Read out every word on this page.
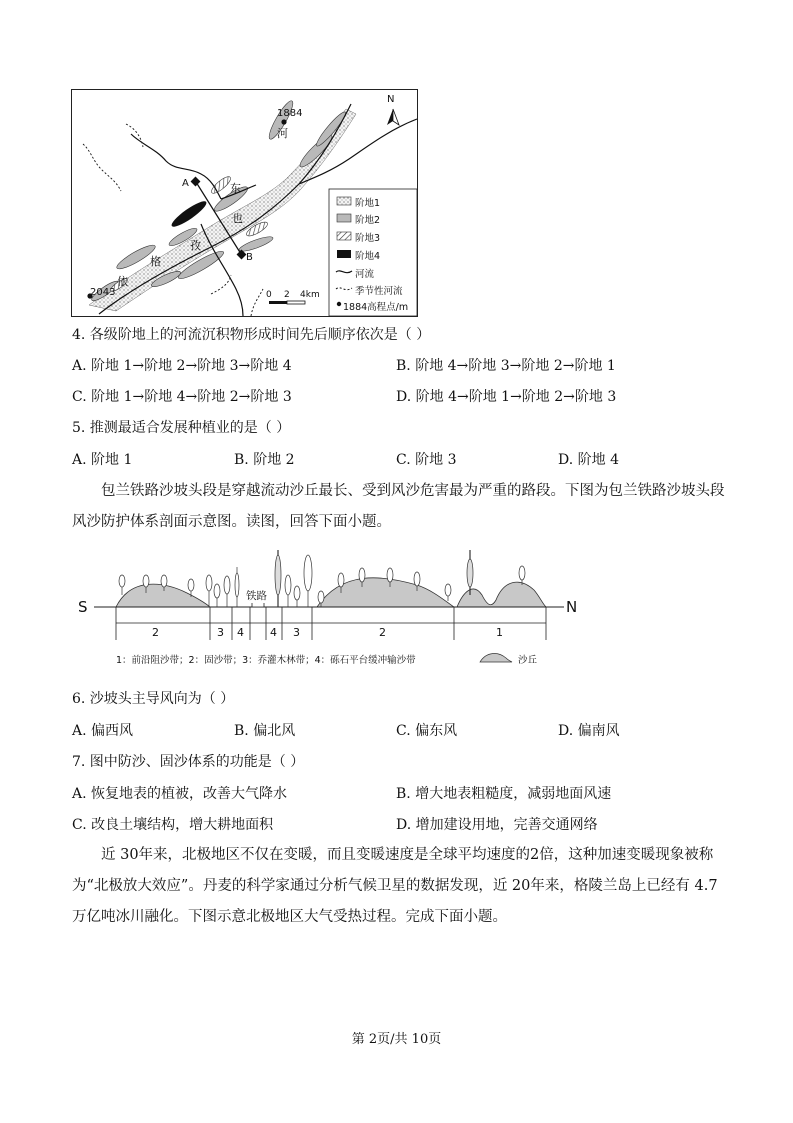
N
1884
2043
A
B
河
东
也
孜
格
依
0 2 4km
阶地1
阶地2
阶地3
阶地4
河流
季节性河流
1884高程点/m
4. 各级阶地上的河流沉积物形成时间先后顺序依次是（ ）
A. 阶地 1→阶地 2→阶地 3→阶地 4	B. 阶地 4→阶地 3→阶地 2→阶地 1
C. 阶地 1→阶地 4→阶地 2→阶地 3	D. 阶地 4→阶地 1→阶地 2→阶地 3
5. 推测最适合发展种植业的是（ ）
A. 阶地 1	B. 阶地 2	C. 阶地 3	D. 阶地 4
包兰铁路沙坡头段是穿越流动沙丘最长、受到风沙危害最为严重的路段。下图为包兰铁路沙坡头段风沙防护体系剖面示意图。读图，回答下面小题。
S	N
铁路
2	3 4 4 3	2	1
1：前沿阻沙带；2：固沙带；3：乔灌木林带；4：砾石平台缓冲输沙带	沙丘
6. 沙坡头主导风向为（ ）
A. 偏西风	B. 偏北风	C. 偏东风	D. 偏南风
7. 图中防沙、固沙体系的功能是（ ）
A. 恢复地表的植被，改善大气降水	B. 增大地表粗糙度，减弱地面风速
C. 改良土壤结构，增大耕地面积	D. 增加建设用地，完善交通网络
近 30年来，北极地区不仅在变暖，而且变暖速度是全球平均速度的2倍，这种加速变暖现象被称为“北极放大效应”。丹麦的科学家通过分析气候卫星的数据发现，近 20年来，格陵兰岛上已经有 4.7 万亿吨冰川融化。下图示意北极地区大气受热过程。完成下面小题。
第 2页/共 10页
